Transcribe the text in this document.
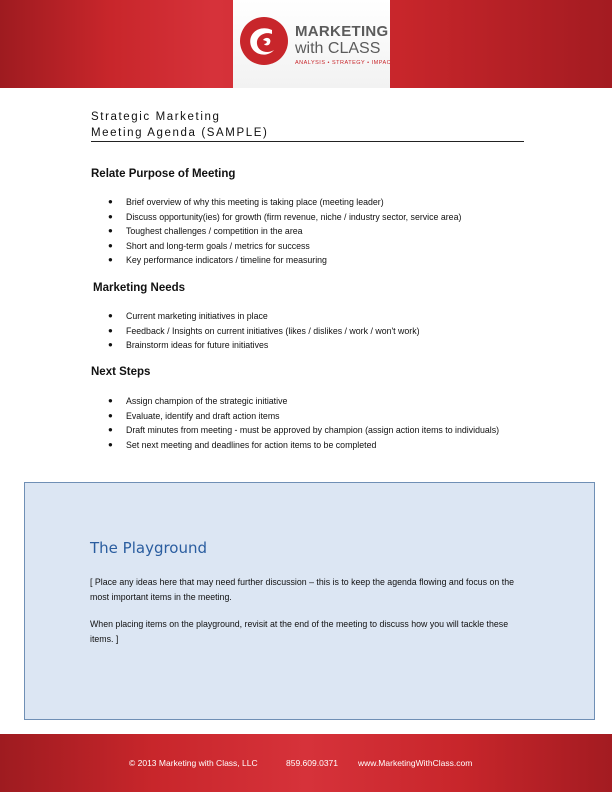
MARKETING
with CLASS
ANALYSIS • STRATEGY • IMPACT
Strategic Marketing
Meeting Agenda (SAMPLE)
Relate Purpose of Meeting
● Brief overview of why this meeting is taking place (meeting leader)
● Discuss opportunity(ies) for growth (firm revenue, niche / industry sector, service area)
● Toughest challenges / competition in the area
● Short and long-term goals / metrics for success
● Key performance indicators / timeline for measuring
Marketing Needs
● Current marketing initiatives in place
● Feedback / Insights on current initiatives (likes / dislikes / work / won't work)
● Brainstorm ideas for future initiatives
Next Steps
● Assign champion of the strategic initiative
● Evaluate, identify and draft action items
● Draft minutes from meeting - must be approved by champion (assign action items to individuals)
● Set next meeting and deadlines for action items to be completed
The Playground
[ Place any ideas here that may need further discussion – this is to keep the agenda flowing and focus on the most important items in the meeting.
When placing items on the playground, revisit at the end of the meeting to discuss how you will tackle these items. ]
© 2013 Marketing with Class, LLC	859.609.0371 www.MarketingWithClass.com
